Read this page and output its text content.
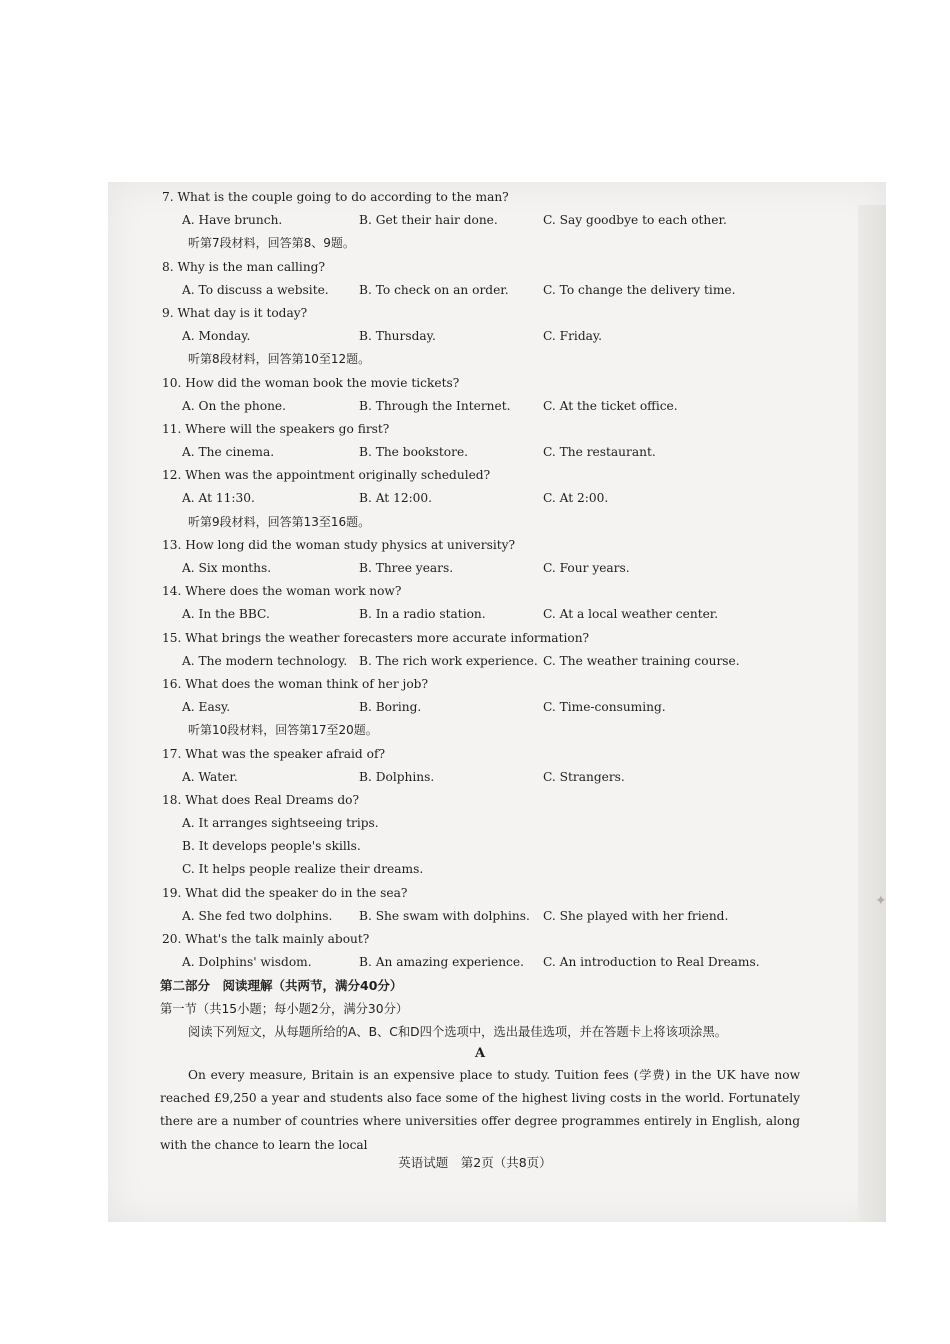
✦
7. What is the couple going to do according to the man?
A. Have brunch.	B. Get their hair done.	C. Say goodbye to each other.
听第7段材料，回答第8、9题。
8. Why is the man calling?
A. To discuss a website. B. To check on an order.	C. To change the delivery time.
9. What day is it today?
A. Monday.	B. Thursday.	C. Friday.
听第8段材料，回答第10至12题。
10. How did the woman book the movie tickets?
A. On the phone.	B. Through the Internet.	C. At the ticket office.
11. Where will the speakers go first?
A. The cinema.	B. The bookstore.	C. The restaurant.
12. When was the appointment originally scheduled?
A. At 11:30.	B. At 12:00.	C. At 2:00.
听第9段材料，回答第13至16题。
13. How long did the woman study physics at university?
A. Six months.	B. Three years.	C. Four years.
14. Where does the woman work now?
A. In the BBC.	B. In a radio station.	C. At a local weather center.
15. What brings the weather forecasters more accurate information?
A. The modern technology. B. The rich work experience. C. The weather training course.
16. What does the woman think of her job?
A. Easy.	B. Boring.	C. Time-consuming.
听第10段材料，回答第17至20题。
17. What was the speaker afraid of?
A. Water.	B. Dolphins.	C. Strangers.
18. What does Real Dreams do?
A. It arranges sightseeing trips.
B. It develops people's skills.
C. It helps people realize their dreams.
19. What did the speaker do in the sea?
A. She fed two dolphins. B. She swam with dolphins. C. She played with her friend.
20. What's the talk mainly about?
A. Dolphins' wisdom.	B. An amazing experience. C. An introduction to Real Dreams.
第二部分　阅读理解（共两节，满分40分）
第一节（共15小题；每小题2分，满分30分）
阅读下列短文，从每题所给的A、B、C和D四个选项中，选出最佳选项，并在答题卡上将该项涂黑。
A
On every measure, Britain is an expensive place to study. Tuition fees (学费) in the UK have now reached £9,250 a year and students also face some of the highest living costs in the world. Fortunately there are a number of countries where universities offer degree programmes entirely in English, along with the chance to learn the local
英语试题　第2页（共8页）
